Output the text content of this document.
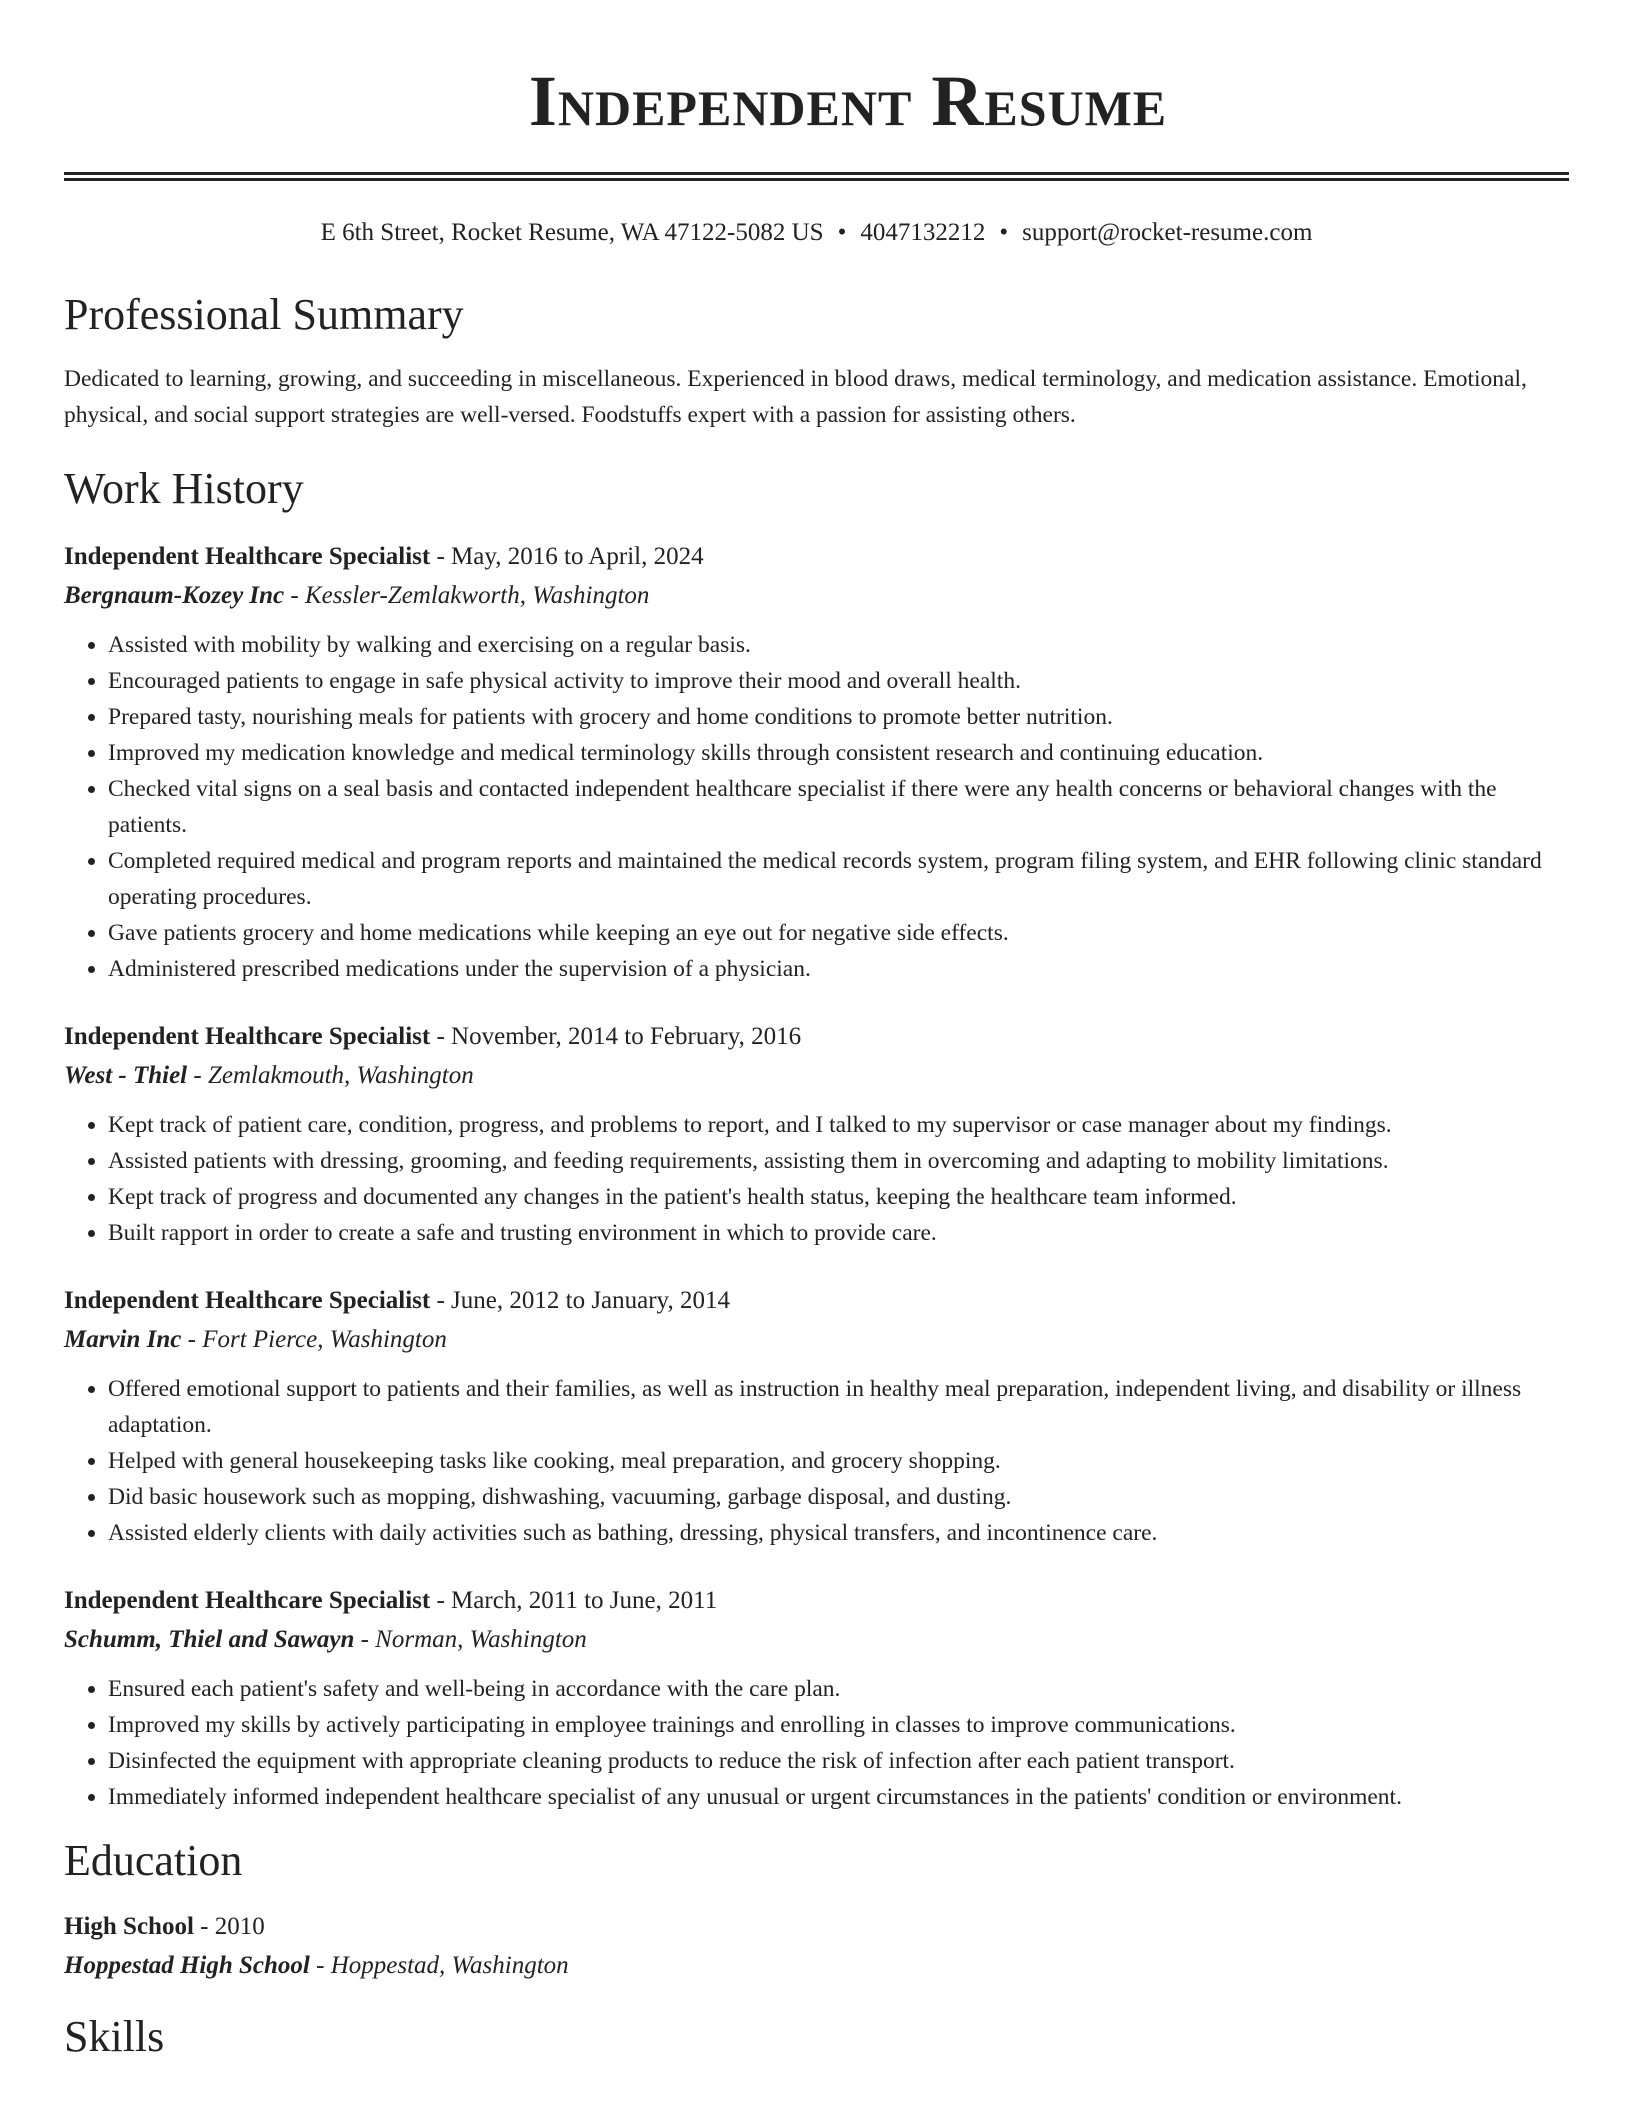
Independent Resume
E 6th Street, Rocket Resume, WA 47122-5082 US • 4047132212 • support@rocket-resume.com
Professional Summary
Dedicated to learning, growing, and succeeding in miscellaneous. Experienced in blood draws, medical terminology, and medication assistance. Emotional, physical, and social support strategies are well-versed. Foodstuffs expert with a passion for assisting others.
Work History
Independent Healthcare Specialist - May, 2016 to April, 2024
Bergnaum-Kozey Inc - Kessler-Zemlakworth, Washington
• Assisted with mobility by walking and exercising on a regular basis.
• Encouraged patients to engage in safe physical activity to improve their mood and overall health.
• Prepared tasty, nourishing meals for patients with grocery and home conditions to promote better nutrition.
• Improved my medication knowledge and medical terminology skills through consistent research and continuing education.
• Checked vital signs on a seal basis and contacted independent healthcare specialist if there were any health concerns or behavioral changes with the patients.
• Completed required medical and program reports and maintained the medical records system, program filing system, and EHR following clinic standard operating procedures.
• Gave patients grocery and home medications while keeping an eye out for negative side effects.
• Administered prescribed medications under the supervision of a physician.
Independent Healthcare Specialist - November, 2014 to February, 2016
West - Thiel - Zemlakmouth, Washington
• Kept track of patient care, condition, progress, and problems to report, and I talked to my supervisor or case manager about my findings.
• Assisted patients with dressing, grooming, and feeding requirements, assisting them in overcoming and adapting to mobility limitations.
• Kept track of progress and documented any changes in the patient's health status, keeping the healthcare team informed.
• Built rapport in order to create a safe and trusting environment in which to provide care.
Independent Healthcare Specialist - June, 2012 to January, 2014
Marvin Inc - Fort Pierce, Washington
• Offered emotional support to patients and their families, as well as instruction in healthy meal preparation, independent living, and disability or illness adaptation.
• Helped with general housekeeping tasks like cooking, meal preparation, and grocery shopping.
• Did basic housework such as mopping, dishwashing, vacuuming, garbage disposal, and dusting.
• Assisted elderly clients with daily activities such as bathing, dressing, physical transfers, and incontinence care.
Independent Healthcare Specialist - March, 2011 to June, 2011
Schumm, Thiel and Sawayn - Norman, Washington
• Ensured each patient's safety and well-being in accordance with the care plan.
• Improved my skills by actively participating in employee trainings and enrolling in classes to improve communications.
• Disinfected the equipment with appropriate cleaning products to reduce the risk of infection after each patient transport.
• Immediately informed independent healthcare specialist of any unusual or urgent circumstances in the patients' condition or environment.
Education
High School - 2010
Hoppestad High School - Hoppestad, Washington
Skills
